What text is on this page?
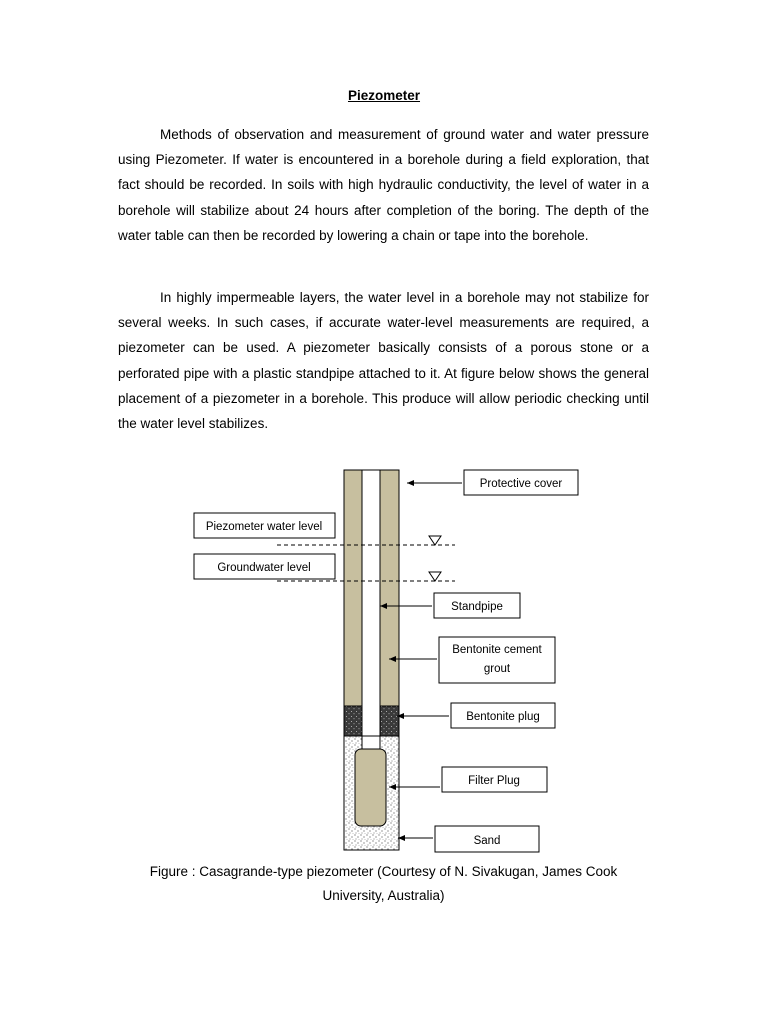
Piezometer

Methods of observation and measurement of ground water and water pressure using Piezometer. If water is encountered in a borehole during a field exploration, that fact should be recorded. In soils with high hydraulic conductivity, the level of water in a borehole will stabilize about 24 hours after completion of the boring. The depth of the water table can then be recorded by lowering a chain or tape into the borehole.

In highly impermeable layers, the water level in a borehole may not stabilize for several weeks. In such cases, if accurate water-level measurements are required, a piezometer can be used. A piezometer basically consists of a porous stone or a perforated pipe with a plastic standpipe attached to it. At figure below shows the general placement of a piezometer in a borehole. This produce will allow periodic checking until the water level stabilizes.

Protective cover
Piezometer water level
Groundwater level
Standpipe
Bentonite cement
grout
Bentonite plug
Filter Plug
Sand
Figure : Casagrande-type piezometer (Courtesy of N. Sivakugan, James Cook University, Australia)
